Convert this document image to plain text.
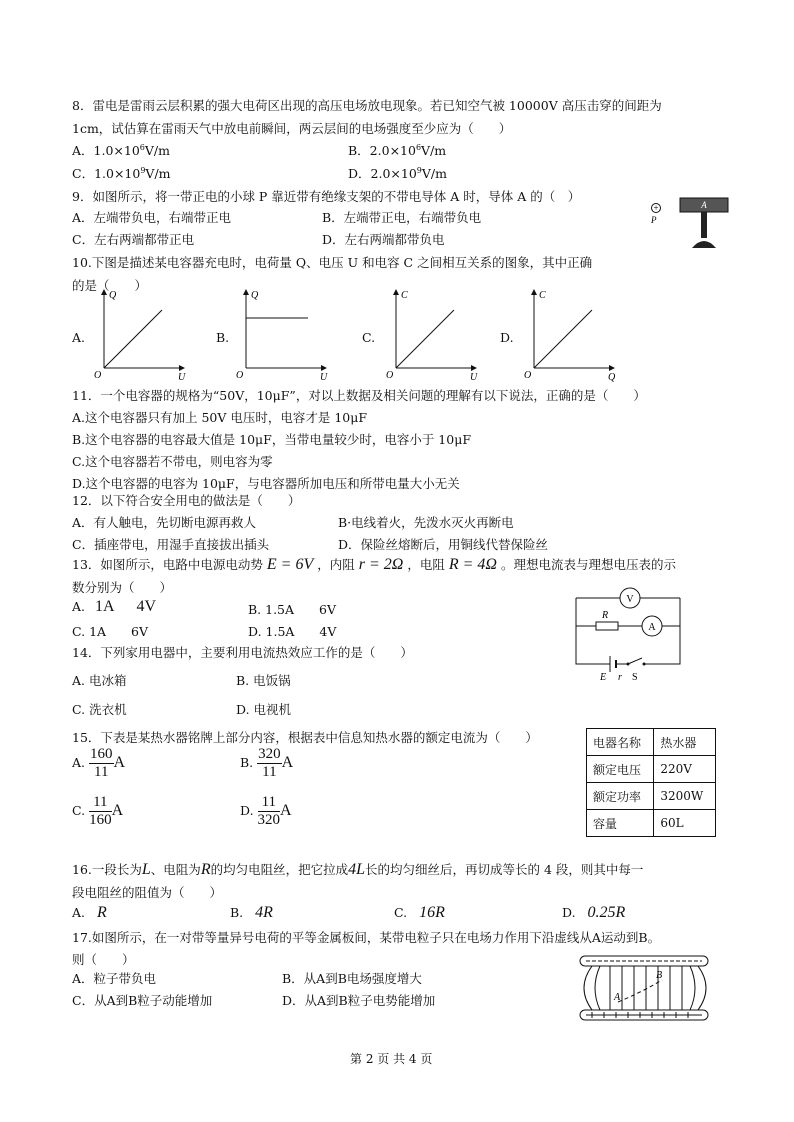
8．雷电是雷雨云层积累的强大电荷区出现的高压电场放电现象。若已知空气被 10000V 高压击穿的间距为
1cm，试估算在雷雨天气中放电前瞬间，两云层间的电场强度至少应为（　　）
A．$1.0\times 10^6V/m$	B．$2.0\times 10^6V/m$
C．$1.0\times 10^9V/m$	D．$2.0\times 10^9V/m$
9．如图所示，将一带正电的小球 P 靠近带有绝缘支架的不带电导体 A 时，导体 A 的（　）
A．左端带负电，右端带正电	B．左端带正电，右端带负电
C．左右两端都带正电	D．左右两端都带负电
+
P
A
10.下图是描述某电容器充电时，电荷量 Q、电压 U 和电容 C 之间相互关系的图象，其中正确
的是（　　）
A.
Q
U
O
B.
Q
U
O
C.
C
U
O
D.
C
Q
O
11．一个电容器的规格为“50V，10μF”，对以上数据及相关问题的理解有以下说法，正确的是（　　）
A.这个电容器只有加上 50V 电压时，电容才是 10μF
B.这个电容器的电容最大值是 10μF，当带电量较少时，电容小于 10μF
C.这个电容器若不带电，则电容为零
D.这个电容器的电容为 10μF，与电容器所加电压和所带电量大小无关
12．以下符合安全用电的做法是（　　）
A．有人触电，先切断电源再救人	B·电线着火，先泼水灭火再断电
C．插座带电，用湿手直接拔出插头	D．保险丝熔断后，用铜线代替保险丝
13．如图所示，电路中电源电动势 E = 6V ，内阻 r = 2Ω ，电阻 R = 4Ω 。理想电流表与理想电压表的示
数分别为（　　）
A. 1A 4V	B. 1.5A　　6V
C. 1A　　6V	D. 1.5A　　4V
V
R
A
E r S
14．下列家用电器中，主要利用电流热效应工作的是（　　）
A. 电冰箱	B. 电饭锅
C. 洗衣机	D. 电视机
15．下表是某热水器铭牌上部分内容，根据表中信息知热水器的额定电流为（　　）
A. $\frac{160}{11}$ A	B. $\frac{320}{11}$ A
C. $\frac{11}{160}$ A	D. $\frac{11}{320}$ A
电器名称	热水器
额定电压	220V
额定功率	3200W
容量	60L
16.一段长为L、电阻为R的均匀电阻丝，把它拉成4L长的均匀细丝后，再切成等长的 4 段，则其中每一
段电阻丝的阻值为（　　）
A. R	B. 4R	C. 16R	D. 0.25R
17.如图所示，在一对带等量异号电荷的平等金属板间，某带电粒子只在电场力作用下沿虚线从A运动到B。
则（　　）
A．粒子带负电	B．从A到B电场强度增大
C．从A到B粒子动能增加	D．从A到B粒子电势能增加	A
B
第 2 页 共 4 页
